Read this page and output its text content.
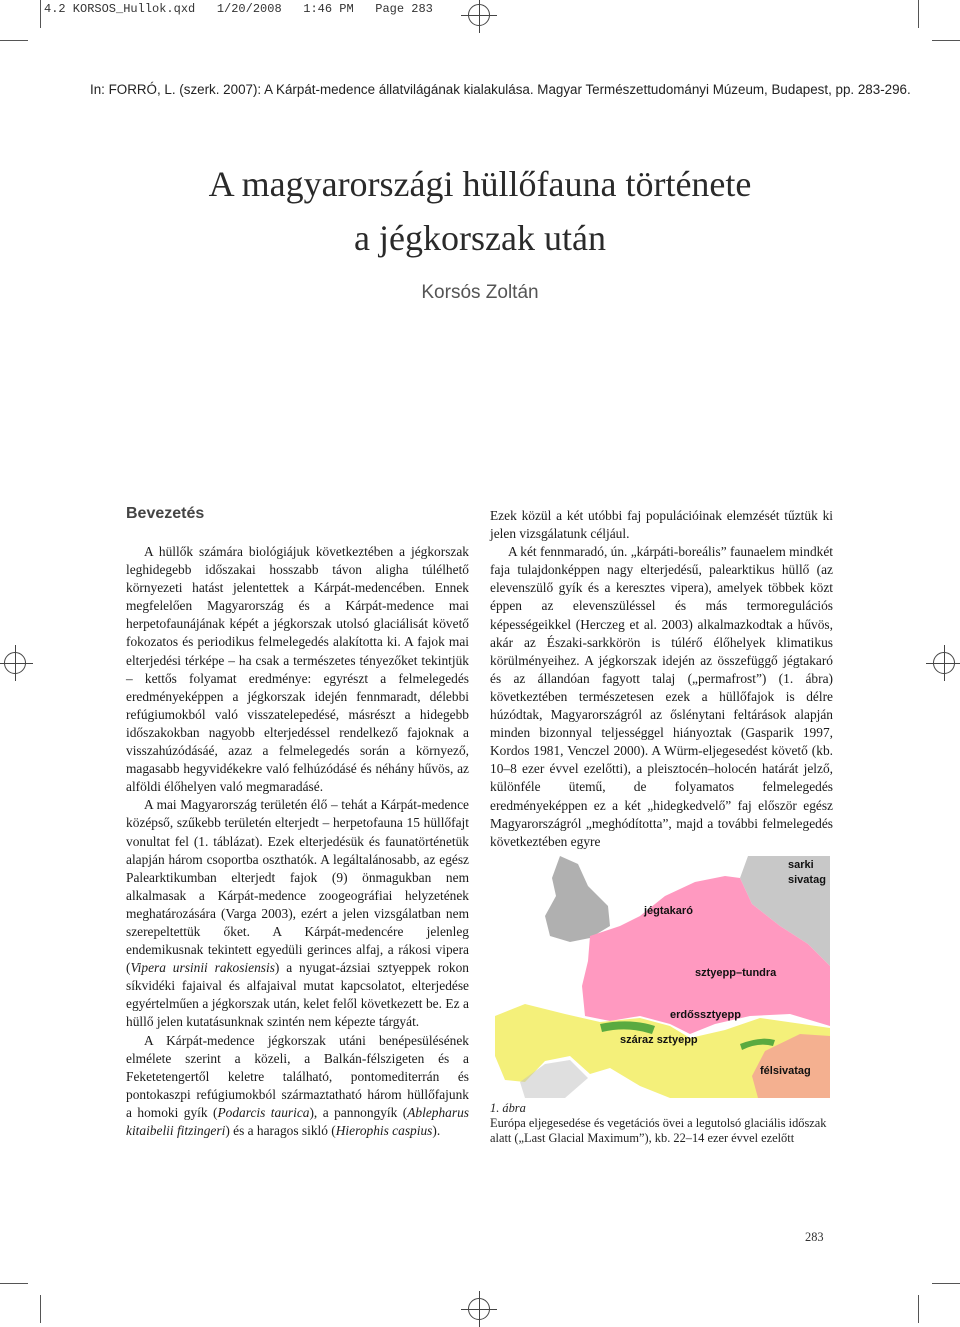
4.2 KORSOS_Hullok.qxd   1/20/2008   1:46 PM   Page 283
In: FORRÓ, L. (szerk. 2007): A Kárpát-medence állatvilágának kialakulása. Magyar Természettudományi Múzeum, Budapest, pp. 283-296.
A magyarországi hüllőfauna története
a jégkorszak után
Korsós Zoltán
Bevezetés

A hüllők számára biológiájuk következtében a jégkorszak leghidegebb időszakai hosszabb távon aligha túlélhető környezeti hatást jelentettek a Kárpát-medencében. Ennek megfelelően Magyarország és a Kárpát-medence mai herpetofaunájának képét a jégkorszak utolsó glaciálisát követő fokozatos és periodikus felmelegedés alakította ki. A fajok mai elterjedési térképe – ha csak a természetes tényezőket tekintjük – kettős folyamat eredménye: egyrészt a felmelegedés eredményeképpen a jégkorszak idején fennmaradt, délebbi refúgiumokból való visszatelepedésé, másrészt a hidegebb időszakokban nagyobb elterjedéssel rendelkező fajoknak a visszahúzódásáé, azaz a felmelegedés során a környező, magasabb hegyvidékekre való felhúzódásé és néhány hűvös, az alföldi élőhelyen való megmaradásé.

A mai Magyarország területén élő – tehát a Kárpát-medence középső, szűkebb területén elterjedt – herpetofauna 15 hüllőfajt vonultat fel (1. táblázat). Ezek elterjedésük és faunatörténetük alapján három csoportba oszthatók. A legáltalánosabb, az egész Palearktikumban elterjedt fajok (9) önmagukban nem alkalmasak a Kárpát-medence zoogeográfiai helyzetének meghatározására (Varga 2003), ezért a jelen vizsgálatban nem szerepeltettük őket. A Kárpát-medencére jelenleg endemikusnak tekintett egyedüli gerinces alfaj, a rákosi vipera (Vipera ursinii rakosiensis) a nyugat-ázsiai sztyeppek rokon síkvidéki fajaival és alfajaival mutat kapcsolatot, elterjedése egyértelműen a jégkorszak után, kelet felől következett be. Ez a hüllő jelen kutatásunknak szintén nem képezte tárgyát.

A Kárpát-medence jégkorszak utáni benépesülésének elmélete szerint a közeli, a Balkán-félszigeten és a Feketetengertől keletre található, pontomediterrán és pontokaszpi refúgiumokból származtatható három hüllőfajunk a homoki gyík (Podarcis taurica), a pannongyík (Ablepharus kitaibelii fitzingeri) és a haragos sikló (Hierophis caspius).

Ezek közül a két utóbbi faj populációinak elemzését tűztük ki jelen vizsgálatunk céljául.

A két fennmaradó, ún. „kárpáti-boreális” faunaelem mindkét faja tulajdonképpen nagy elterjedésű, palearktikus hüllő (az elevenszülő gyík és a keresztes vipera), amelyek többek közt éppen az elevenszüléssel és más termoregulációs képességeikkel (Herczeg et al. 2003) alkalmazkodtak a hűvös, akár az Északi-sarkkörön is túlérő élőhelyek klimatikus körülményeihez. A jégkorszak idején az összefüggő jégtakaró és az állandóan fagyott talaj („permafrost”) (1. ábra) következtében természetesen ezek a hüllőfajok is délre húzódtak, Magyarországról az őslénytani feltárások alapján minden bizonnyal teljességgel hiányoztak (Gasparik 1997, Kordos 1981, Venczel 2000). A Würm-eljegesedést követő (kb. 10–8 ezer évvel ezelőtti), a pleisztocén–holocén határát jelző, különféle ütemű, de folyamatos felmelegedés eredményeképpen ez a két „hidegkedvelő” faj először egész Magyarországról „meghódította”, majd a további felmelegedés következtében egyre

sarki
sivatag
jégtakaró
sztyepp–tundra
erdőssztyepp
száraz sztyepp
félsivatag
1. ábra
Európa eljegesedése és vegetációs övei a legutolsó glaciális időszak alatt („Last Glacial Maximum”), kb. 22–14 ezer évvel ezelőtt
283
